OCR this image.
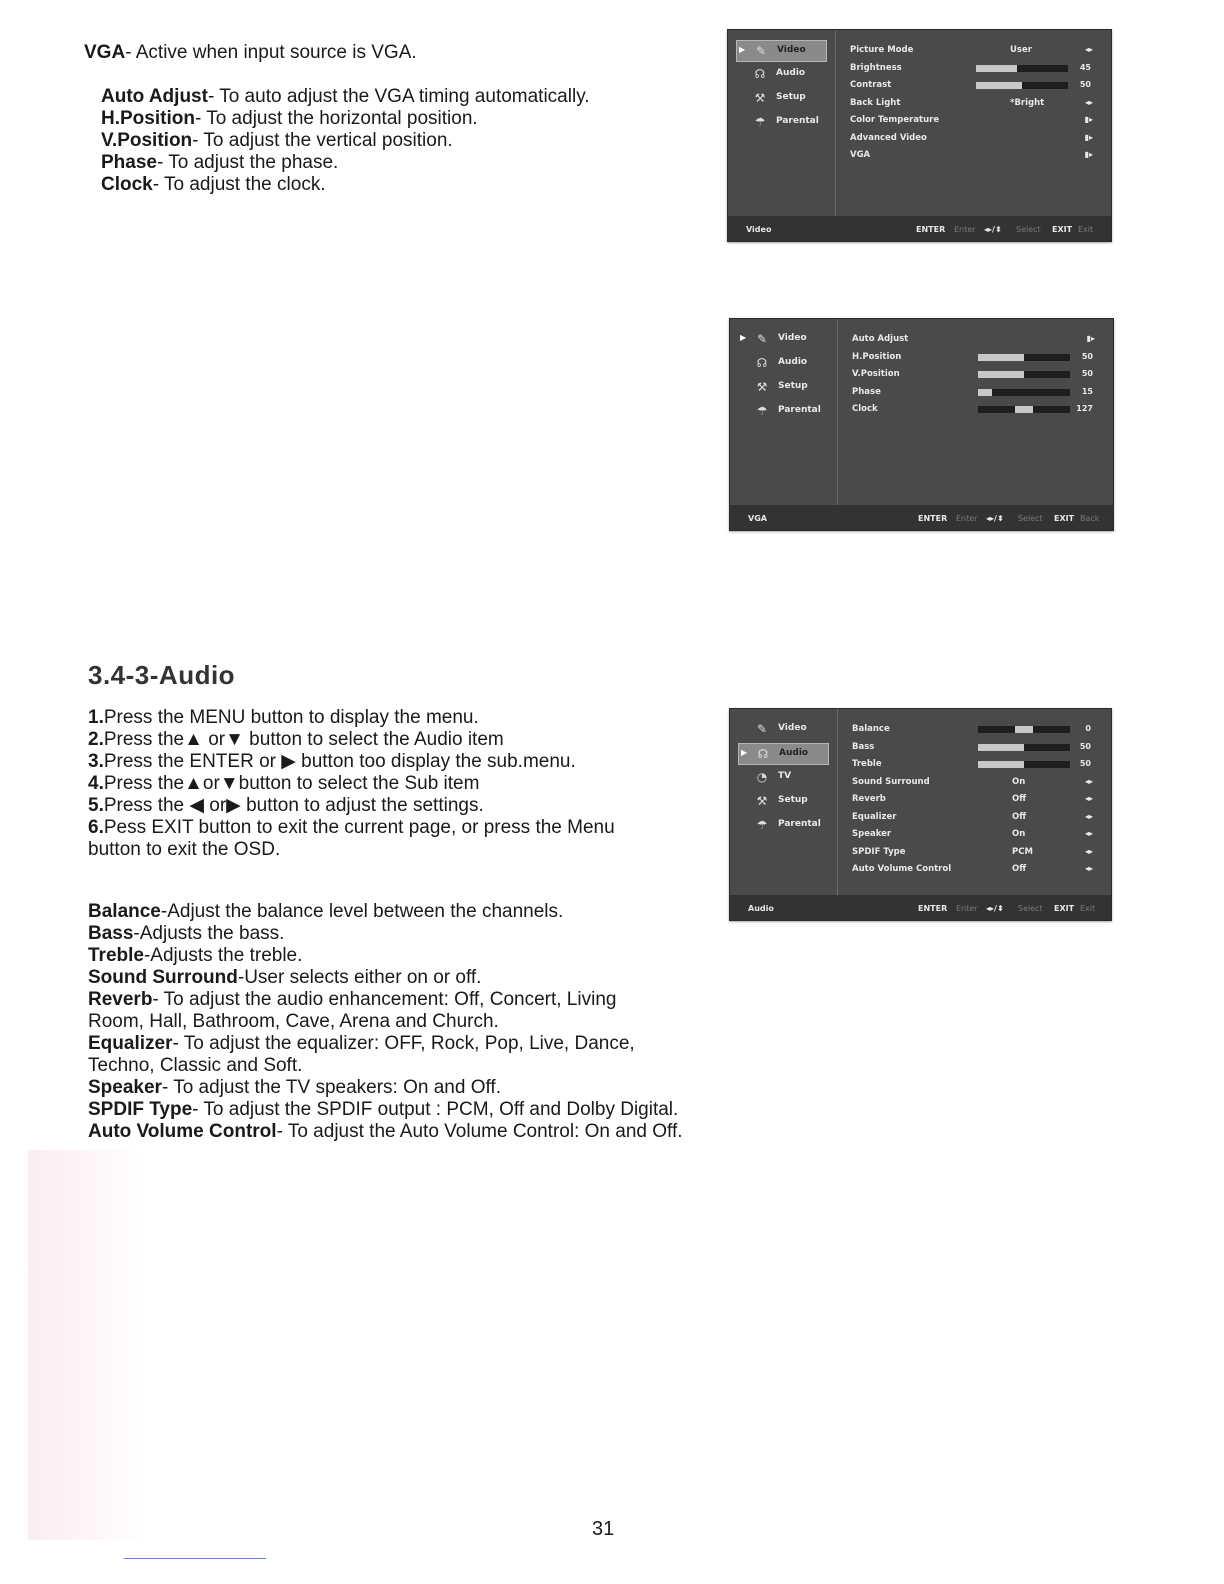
VGA- Active when input source is VGA.
Auto Adjust- To auto adjust the VGA timing automatically.
H.Position- To adjust the horizontal position.
V.Position- To adjust the vertical position.
Phase- To adjust the phase.
Clock- To adjust the clock.
3.4-3-Audio
1.Press the MENU button to display the menu.
2.Press the▲ or▼ button to select the Audio item
3.Press the ENTER or ▶ button too display the sub.menu.
4.Press the▲or▼button to select the Sub item
5.Press the ◀ or▶ button to adjust the settings.
6.Pess EXIT button to exit the current page, or press the Menu
button to exit the OSD.
Balance-Adjust the balance level between the channels.
Bass-Adjusts the bass.
Treble-Adjusts the treble.
Sound Surround-User selects either on or off.
Reverb- To adjust the audio enhancement: Off, Concert, Living
Room, Hall, Bathroom, Cave, Arena and Church.
Equalizer- To adjust the equalizer: OFF, Rock, Pop, Live, Dance,
Techno, Classic and Soft.
Speaker- To adjust the TV speakers: On and Off.
SPDIF Type- To adjust the SPDIF output : PCM, Off and Dolby Digital.
Auto Volume Control- To adjust the Auto Volume Control: On and Off.
▶ ✎	Video
☊ Audio
⚒ Setup
☂ Parental
Picture Mode	User	◂▸
Brightness	45
Contrast	50
Back Light	*Bright	◂▸
Color Temperature	▮▸
Advanced Video	▮▸
VGA	▮▸
Video	ENTER Enter ◂▸/⬍ Select EXIT Exit
▶ ✎	Video
☊ Audio
⚒ Setup
☂ Parental
Auto Adjust	▮▸
H.Position	50
V.Position	50
Phase	15
Clock	127
VGA	ENTER Enter ◂▸/⬍ Select EXIT Back
✎	Video
▶ ☊ Audio
◔	TV
⚒ Setup
☂ Parental
Balance	0
Bass	50
Treble	50
Sound Surround	On	◂▸
Reverb	Off	◂▸
Equalizer	Off	◂▸
Speaker	On	◂▸
SPDIF Type	PCM	◂▸
Auto Volume Control	Off	◂▸
Audio	ENTER Enter ◂▸/⬍ Select EXIT Exit
31
